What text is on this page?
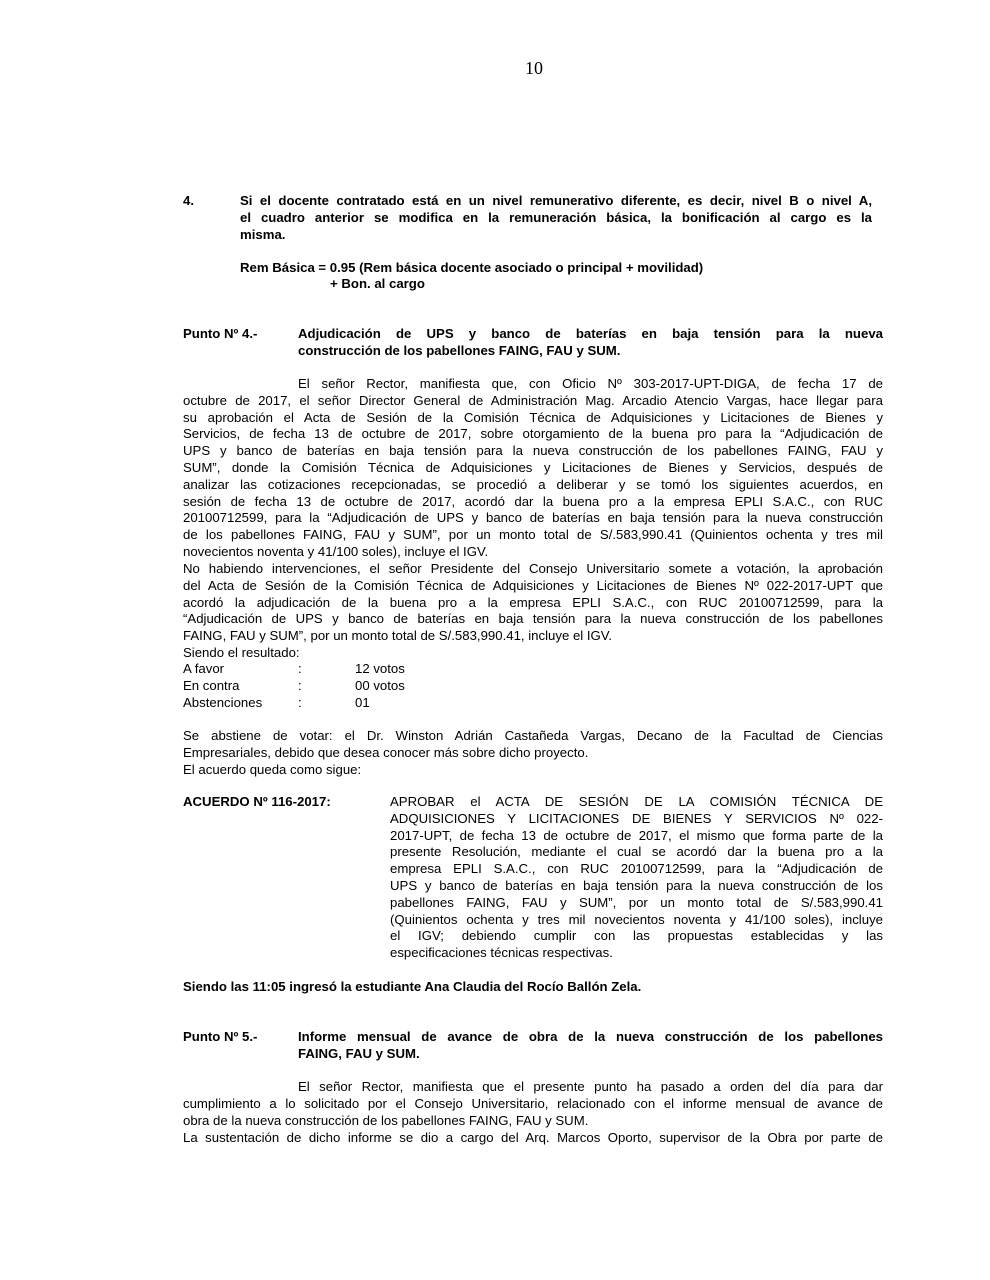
10
4.	Si el docente contratado está en un nivel remunerativo diferente, es decir, nivel B o nivel A,
el cuadro anterior se modifica en la remuneración básica, la bonificación al cargo es la
misma.
Rem Básica = 0.95 (Rem básica docente asociado o principal + movilidad)
+ Bon. al cargo
Punto Nº 4.-	Adjudicación de UPS y banco de baterías en baja tensión para la nueva
construcción de los pabellones FAING, FAU y SUM.
El señor Rector, manifiesta que, con Oficio Nº 303-2017-UPT-DIGA, de fecha 17 de
octubre de 2017, el señor Director General de Administración Mag. Arcadio Atencio Vargas, hace llegar para
su aprobación el Acta de Sesión de la Comisión Técnica de Adquisiciones y Licitaciones de Bienes y
Servicios, de fecha 13 de octubre de 2017, sobre otorgamiento de la buena pro para la “Adjudicación de
UPS y banco de baterías en baja tensión para la nueva construcción de los pabellones FAING, FAU y
SUM”, donde la Comisión Técnica de Adquisiciones y Licitaciones de Bienes y Servicios, después de
analizar las cotizaciones recepcionadas, se procedió a deliberar y se tomó los siguientes acuerdos, en
sesión de fecha 13 de octubre de 2017, acordó dar la buena pro a la empresa EPLI S.A.C., con RUC
20100712599, para la “Adjudicación de UPS y banco de baterías en baja tensión para la nueva construcción
de los pabellones FAING, FAU y SUM”, por un monto total de S/.583,990.41 (Quinientos ochenta y tres mil
novecientos noventa y 41/100 soles), incluye el IGV.
No habiendo intervenciones, el señor Presidente del Consejo Universitario somete a votación, la aprobación
del Acta de Sesión de la Comisión Técnica de Adquisiciones y Licitaciones de Bienes Nº 022-2017-UPT que
acordó la adjudicación de la buena pro a la empresa EPLI S.A.C., con RUC 20100712599, para la
“Adjudicación de UPS y banco de baterías en baja tensión para la nueva construcción de los pabellones
FAING, FAU y SUM”, por un monto total de S/.583,990.41, incluye el IGV.
Siendo el resultado:
A favor	:	12 votos
En contra	:	00 votos
Abstenciones	:	01
Se abstiene de votar: el Dr. Winston Adrián Castañeda Vargas, Decano de la Facultad de Ciencias
Empresariales, debido que desea conocer más sobre dicho proyecto.
El acuerdo queda como sigue:
ACUERDO Nº 116-2017:	APROBAR el ACTA DE SESIÓN DE LA COMISIÓN TÉCNICA DE
ADQUISICIONES Y LICITACIONES DE BIENES Y SERVICIOS Nº 022-
2017-UPT, de fecha 13 de octubre de 2017, el mismo que forma parte de la
presente Resolución, mediante el cual se acordó dar la buena pro a la
empresa EPLI S.A.C., con RUC 20100712599, para la “Adjudicación de
UPS y banco de baterías en baja tensión para la nueva construcción de los
pabellones FAING, FAU y SUM”, por un monto total de S/.583,990.41
(Quinientos ochenta y tres mil novecientos noventa y 41/100 soles), incluye
el IGV; debiendo cumplir con las propuestas establecidas y las
especificaciones técnicas respectivas.
Siendo las 11:05 ingresó la estudiante Ana Claudia del Rocío Ballón Zela.
Punto Nº 5.-	Informe mensual de avance de obra de la nueva construcción de los pabellones
FAING, FAU y SUM.
El señor Rector, manifiesta que el presente punto ha pasado a orden del día para dar
cumplimiento a lo solicitado por el Consejo Universitario, relacionado con el informe mensual de avance de
obra de la nueva construcción de los pabellones FAING, FAU y SUM.
La sustentación de dicho informe se dio a cargo del Arq. Marcos Oporto, supervisor de la Obra por parte de
